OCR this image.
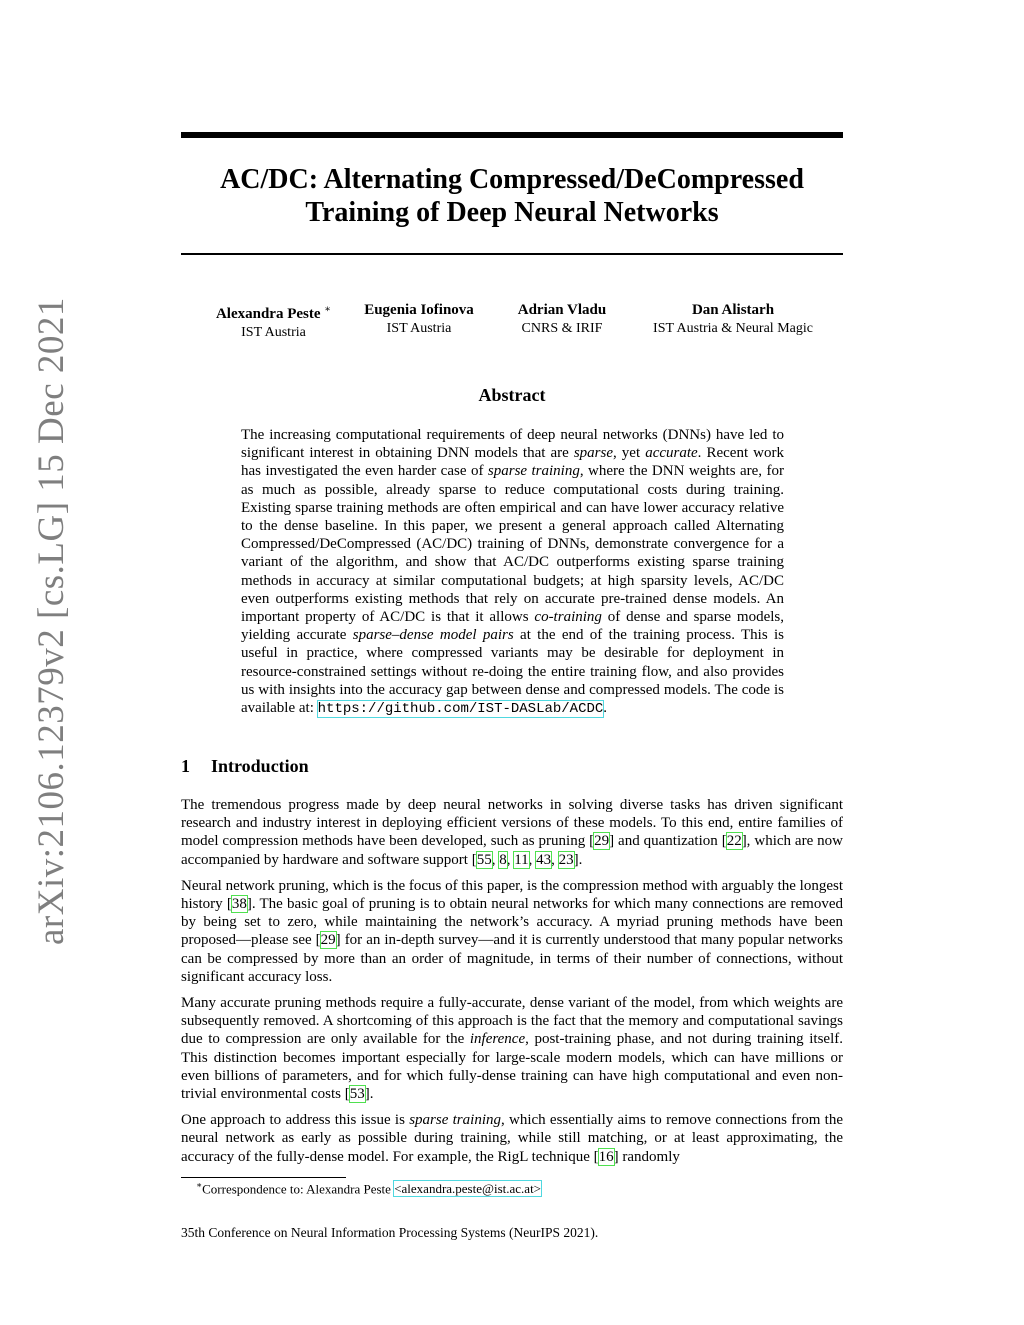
arXiv:2106.12379v2 [cs.LG] 15 Dec 2021
AC/DC: Alternating Compressed/DeCompressed
Training of Deep Neural Networks
Alexandra Peste ∗
IST Austria
Eugenia Iofinova
IST Austria
Adrian Vladu
CNRS & IRIF
Dan Alistarh
IST Austria & Neural Magic
Abstract
The increasing computational requirements of deep neural networks (DNNs) have led to significant interest in obtaining DNN models that are sparse, yet accurate. Recent work has investigated the even harder case of sparse training, where the DNN weights are, for as much as possible, already sparse to reduce computational costs during training. Existing sparse training methods are often empirical and can have lower accuracy relative to the dense baseline. In this paper, we present a general approach called Alternating Compressed/DeCompressed (AC/DC) training of DNNs, demonstrate convergence for a variant of the algorithm, and show that AC/DC outperforms existing sparse training methods in accuracy at similar computational budgets; at high sparsity levels, AC/DC even outperforms existing methods that rely on accurate pre-trained dense models. An important property of AC/DC is that it allows co-training of dense and sparse models, yielding accurate sparse–dense model pairs at the end of the training process. This is useful in practice, where compressed variants may be desirable for deployment in resource-constrained settings without re-doing the entire training flow, and also provides us with insights into the accuracy gap between dense and compressed models. The code is available at: https://github.com/IST-DASLab/ACDC.
1 Introduction

The tremendous progress made by deep neural networks in solving diverse tasks has driven significant research and industry interest in deploying efficient versions of these models. To this end, entire families of model compression methods have been developed, such as pruning [29] and quantization [22], which are now accompanied by hardware and software support [55, 8, 11, 43, 23].

Neural network pruning, which is the focus of this paper, is the compression method with arguably the longest history [38]. The basic goal of pruning is to obtain neural networks for which many connections are removed by being set to zero, while maintaining the network’s accuracy. A myriad pruning methods have been proposed—please see [29] for an in-depth survey—and it is currently understood that many popular networks can be compressed by more than an order of magnitude, in terms of their number of connections, without significant accuracy loss.

Many accurate pruning methods require a fully-accurate, dense variant of the model, from which weights are subsequently removed. A shortcoming of this approach is the fact that the memory and computational savings due to compression are only available for the inference, post-training phase, and not during training itself. This distinction becomes important especially for large-scale modern models, which can have millions or even billions of parameters, and for which fully-dense training can have high computational and even non-trivial environmental costs [53].

One approach to address this issue is sparse training, which essentially aims to remove connections from the neural network as early as possible during training, while still matching, or at least approximating, the accuracy of the fully-dense model. For example, the RigL technique [16] randomly

∗Correspondence to: Alexandra Peste <alexandra.peste@ist.ac.at>
35th Conference on Neural Information Processing Systems (NeurIPS 2021).
